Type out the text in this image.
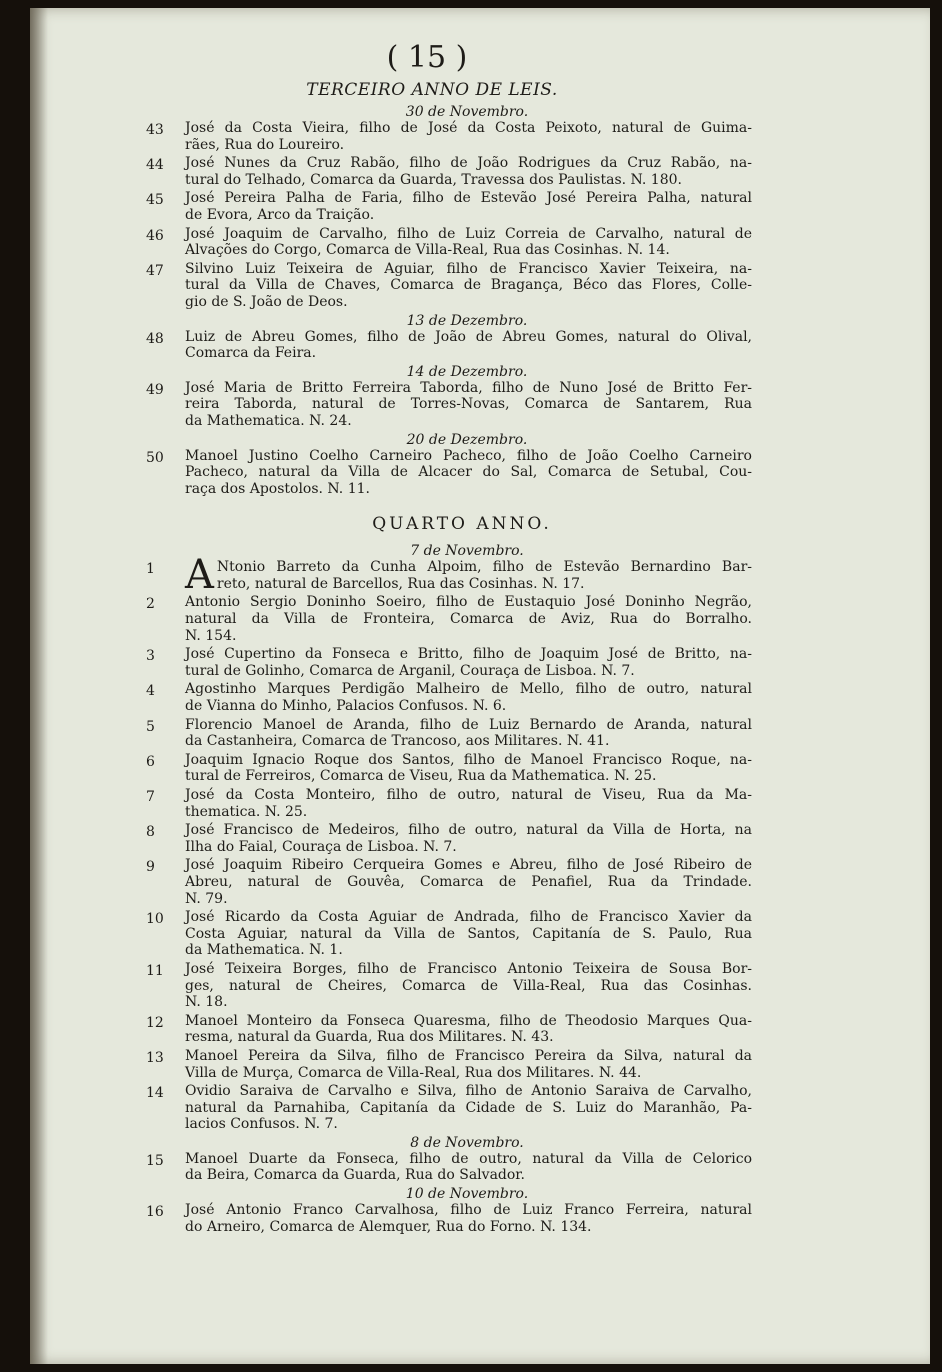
( 15 )
TERCEIRO ANNO DE LEIS.
30 de Novembro.
43	José da Costa Vieira, filho de José da Costa Peixoto, natural de Guima-
rães, Rua do Loureiro.
44	José Nunes da Cruz Rabão, filho de João Rodrigues da Cruz Rabão, na-
tural do Telhado, Comarca da Guarda, Travessa dos Paulistas. N. 180.
45	José Pereira Palha de Faria, filho de Estevão José Pereira Palha, natural
de Evora, Arco da Traição.
46	José Joaquim de Carvalho, filho de Luiz Correia de Carvalho, natural de
Alvações do Corgo, Comarca de Villa-Real, Rua das Cosinhas. N. 14.
47	Silvino Luiz Teixeira de Aguiar, filho de Francisco Xavier Teixeira, na-
tural da Villa de Chaves, Comarca de Bragança, Béco das Flores, Colle-
gio de S. João de Deos.
13 de Dezembro.
48	Luiz de Abreu Gomes, filho de João de Abreu Gomes, natural do Olival,
Comarca da Feira.
14 de Dezembro.
49	José Maria de Britto Ferreira Taborda, filho de Nuno José de Britto Fer-
reira Taborda, natural de Torres-Novas, Comarca de Santarem, Rua
da Mathematica. N. 24.
20 de Dezembro.
50	Manoel Justino Coelho Carneiro Pacheco, filho de João Coelho Carneiro
Pacheco, natural da Villa de Alcacer do Sal, Comarca de Setubal, Cou-
raça dos Apostolos. N. 11.
QUARTO ANNO.
7 de Novembro.
1 A Ntonio Barreto da Cunha Alpoim, filho de Estevão Bernardino Bar-
reto, natural de Barcellos, Rua das Cosinhas. N. 17.
2	Antonio Sergio Doninho Soeiro, filho de Eustaquio José Doninho Negrão,
natural da Villa de Fronteira, Comarca de Aviz, Rua do Borralho.
N. 154.
3	José Cupertino da Fonseca e Britto, filho de Joaquim José de Britto, na-
tural de Golinho, Comarca de Arganil, Couraça de Lisboa. N. 7.
4	Agostinho Marques Perdigão Malheiro de Mello, filho de outro, natural
de Vianna do Minho, Palacios Confusos. N. 6.
5	Florencio Manoel de Aranda, filho de Luiz Bernardo de Aranda, natural
da Castanheira, Comarca de Trancoso, aos Militares. N. 41.
6	Joaquim Ignacio Roque dos Santos, filho de Manoel Francisco Roque, na-
tural de Ferreiros, Comarca de Viseu, Rua da Mathematica. N. 25.
7	José da Costa Monteiro, filho de outro, natural de Viseu, Rua da Ma-
thematica. N. 25.
8	José Francisco de Medeiros, filho de outro, natural da Villa de Horta, na
Ilha do Faial, Couraça de Lisboa. N. 7.
9	José Joaquim Ribeiro Cerqueira Gomes e Abreu, filho de José Ribeiro de
Abreu, natural de Gouvêa, Comarca de Penafiel, Rua da Trindade.
N. 79.
10	José Ricardo da Costa Aguiar de Andrada, filho de Francisco Xavier da
Costa Aguiar, natural da Villa de Santos, Capitanía de S. Paulo, Rua
da Mathematica. N. 1.
11	José Teixeira Borges, filho de Francisco Antonio Teixeira de Sousa Bor-
ges, natural de Cheires, Comarca de Villa-Real, Rua das Cosinhas.
N. 18.
12	Manoel Monteiro da Fonseca Quaresma, filho de Theodosio Marques Qua-
resma, natural da Guarda, Rua dos Militares. N. 43.
13	Manoel Pereira da Silva, filho de Francisco Pereira da Silva, natural da
Villa de Murça, Comarca de Villa-Real, Rua dos Militares. N. 44.
14	Ovidio Saraiva de Carvalho e Silva, filho de Antonio Saraiva de Carvalho,
natural da Parnahiba, Capitanía da Cidade de S. Luiz do Maranhão, Pa-
lacios Confusos. N. 7.
8 de Novembro.
15	Manoel Duarte da Fonseca, filho de outro, natural da Villa de Celorico
da Beira, Comarca da Guarda, Rua do Salvador.
10 de Novembro.
16	José Antonio Franco Carvalhosa, filho de Luiz Franco Ferreira, natural
do Arneiro, Comarca de Alemquer, Rua do Forno. N. 134.
